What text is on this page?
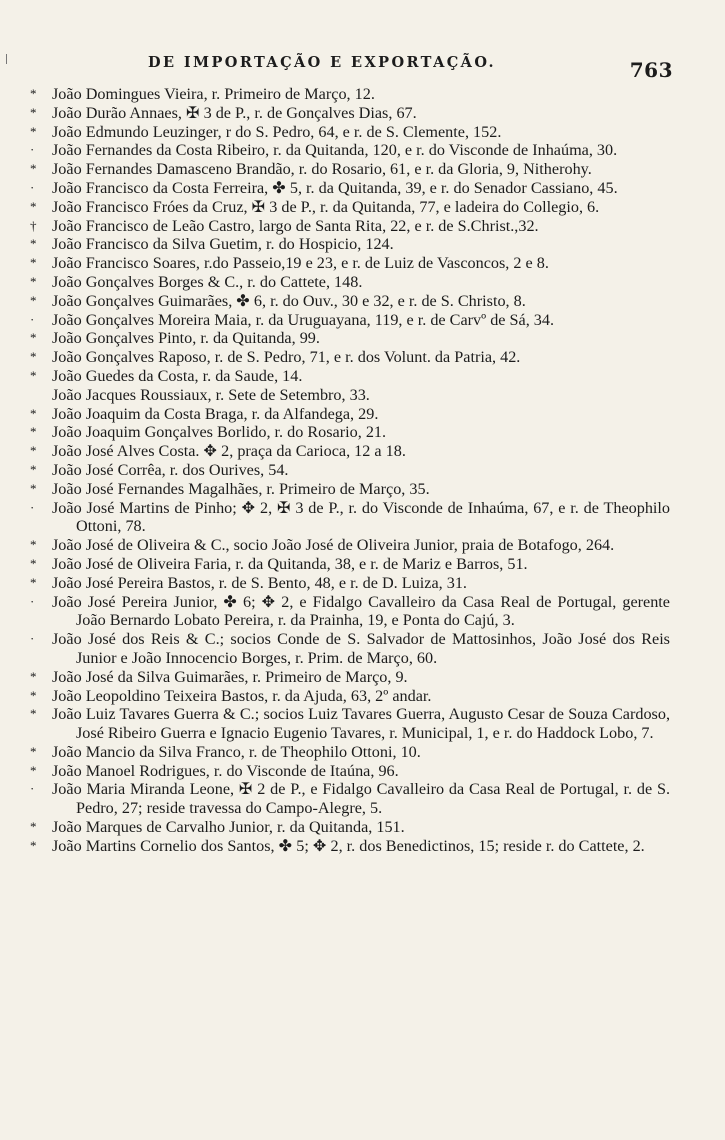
DE IMPORTAÇÃO E EXPORTAÇÃO.	763
* João Domingues Vieira, r. Primeiro de Março, 12.
* João Durão Annaes, ✠ 3 de P., r. de Gonçalves Dias, 67.
* João Edmundo Leuzinger, r do S. Pedro, 64, e r. de S. Clemente, 152.
·	João Fernandes da Costa Ribeiro, r. da Quitanda, 120, e r. do Visconde de Inhaúma, 30.
* João Fernandes Damasceno Brandão, r. do Rosario, 61, e r. da Gloria, 9, Nitherohy.
·	João Francisco da Costa Ferreira, ✤ 5, r. da Quitanda, 39, e r. do Senador Cassiano, 45.
* João Francisco Fróes da Cruz, ✠ 3 de P., r. da Quitanda, 77, e ladeira do Collegio, 6.
† João Francisco de Leão Castro, largo de Santa Rita, 22, e r. de S.Christ.,32.
* João Francisco da Silva Guetim, r. do Hospicio, 124.
* João Francisco Soares, r.do Passeio,19 e 23, e r. de Luiz de Vasconcos, 2 e 8.
* João Gonçalves Borges & C., r. do Cattete, 148.
* João Gonçalves Guimarães, ✤ 6, r. do Ouv., 30 e 32, e r. de S. Christo, 8.
·	João Gonçalves Moreira Maia, r. da Uruguayana, 119, e r. de Carvº de Sá, 34.
* João Gonçalves Pinto, r. da Quitanda, 99.
* João Gonçalves Raposo, r. de S. Pedro, 71, e r. dos Volunt. da Patria, 42.
* João Guedes da Costa, r. da Saude, 14.
João Jacques Roussiaux, r. Sete de Setembro, 33.
* João Joaquim da Costa Braga, r. da Alfandega, 29.
* João Joaquim Gonçalves Borlido, r. do Rosario, 21.
* João José Alves Costa. ✥ 2, praça da Carioca, 12 a 18.
* João José Corrêa, r. dos Ourives, 54.
* João José Fernandes Magalhães, r. Primeiro de Março, 35.
·	João José Martins de Pinho; ✥ 2, ✠ 3 de P., r. do Visconde de Inhaúma, 67, e r. de Theophilo Ottoni, 78.
* João José de Oliveira & C., socio João José de Oliveira Junior, praia de Botafogo, 264.
* João José de Oliveira Faria, r. da Quitanda, 38, e r. de Mariz e Barros, 51.
* João José Pereira Bastos, r. de S. Bento, 48, e r. de D. Luiza, 31.
·	João José Pereira Junior, ✤ 6; ✥ 2, e Fidalgo Cavalleiro da Casa Real de Portugal, gerente João Bernardo Lobato Pereira, r. da Prainha, 19, e Ponta do Cajú, 3.
·	João José dos Reis & C.; socios Conde de S. Salvador de Mattosinhos, João José dos Reis Junior e João Innocencio Borges, r. Prim. de Março, 60.
* João José da Silva Guimarães, r. Primeiro de Março, 9.
* João Leopoldino Teixeira Bastos, r. da Ajuda, 63, 2º andar.
* João Luiz Tavares Guerra & C.; socios Luiz Tavares Guerra, Augusto Cesar de Souza Cardoso, José Ribeiro Guerra e Ignacio Eugenio Tavares, r. Municipal, 1, e r. do Haddock Lobo, 7.
* João Mancio da Silva Franco, r. de Theophilo Ottoni, 10.
* João Manoel Rodrigues, r. do Visconde de Itaúna, 96.
·	João Maria Miranda Leone, ✠ 2 de P., e Fidalgo Cavalleiro da Casa Real de Portugal, r. de S. Pedro, 27; reside travessa do Campo-Alegre, 5.
* João Marques de Carvalho Junior, r. da Quitanda, 151.
* João Martins Cornelio dos Santos, ✤ 5; ✥ 2, r. dos Benedictinos, 15; reside r. do Cattete, 2.
